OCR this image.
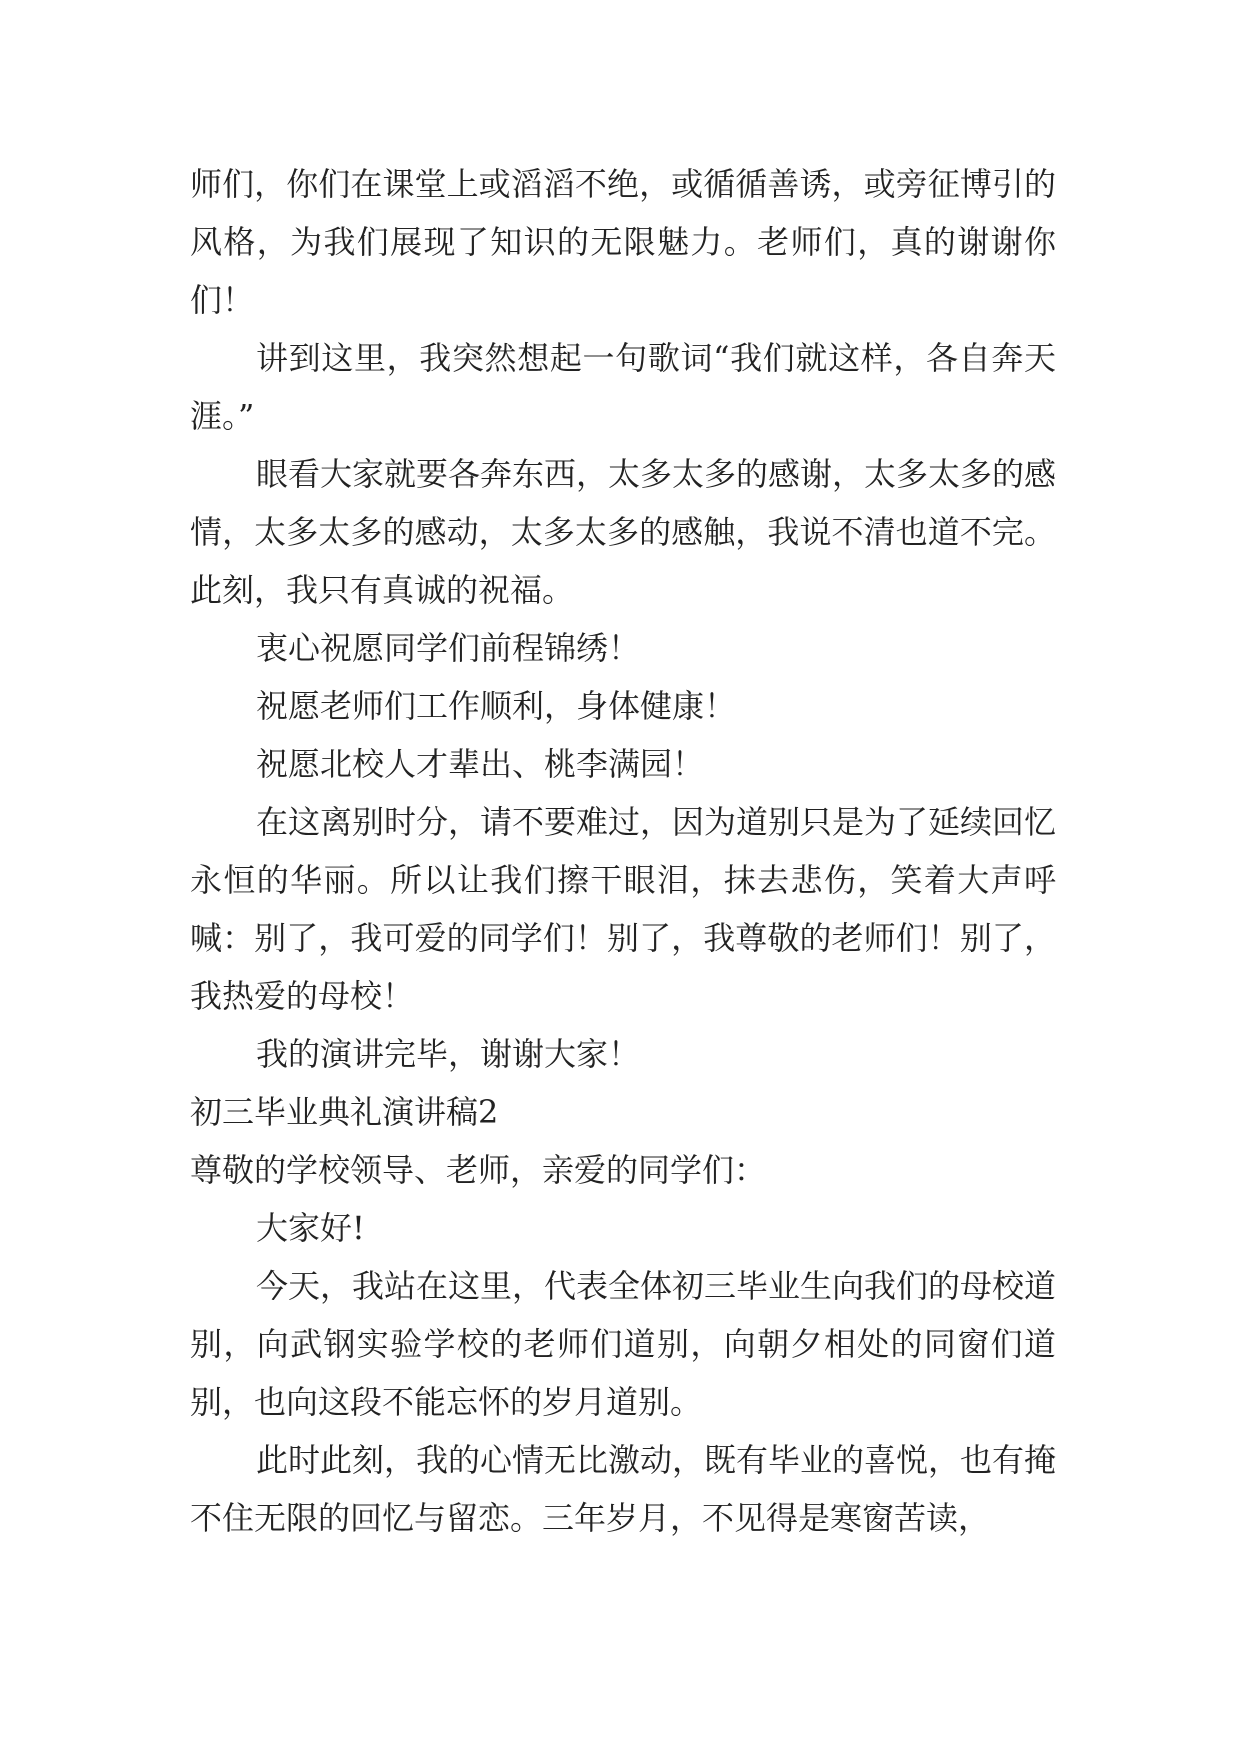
师们，你们在课堂上或滔滔不绝，或循循善诱，或旁征博引的风格，为我们展现了知识的无限魅力。老师们，真的谢谢你们！

讲到这里，我突然想起一句歌词“我们就这样，各自奔天涯。”

眼看大家就要各奔东西，太多太多的感谢，太多太多的感情，太多太多的感动，太多太多的感触，我说不清也道不完。此刻，我只有真诚的祝福。

衷心祝愿同学们前程锦绣！

祝愿老师们工作顺利，身体健康！

祝愿北校人才辈出、桃李满园！

在这离别时分，请不要难过，因为道别只是为了延续回忆永恒的华丽。所以让我们擦干眼泪，抹去悲伤，笑着大声呼喊：别了，我可爱的同学们！别了，我尊敬的老师们！别了，我热爱的母校！

我的演讲完毕，谢谢大家！

初三毕业典礼演讲稿2

尊敬的学校领导、老师，亲爱的同学们：

大家好!

今天，我站在这里，代表全体初三毕业生向我们的母校道别，向武钢实验学校的老师们道别，向朝夕相处的同窗们道别，也向这段不能忘怀的岁月道别。

此时此刻，我的心情无比激动，既有毕业的喜悦，也有掩不住无限的回忆与留恋。三年岁月，不见得是寒窗苦读，
